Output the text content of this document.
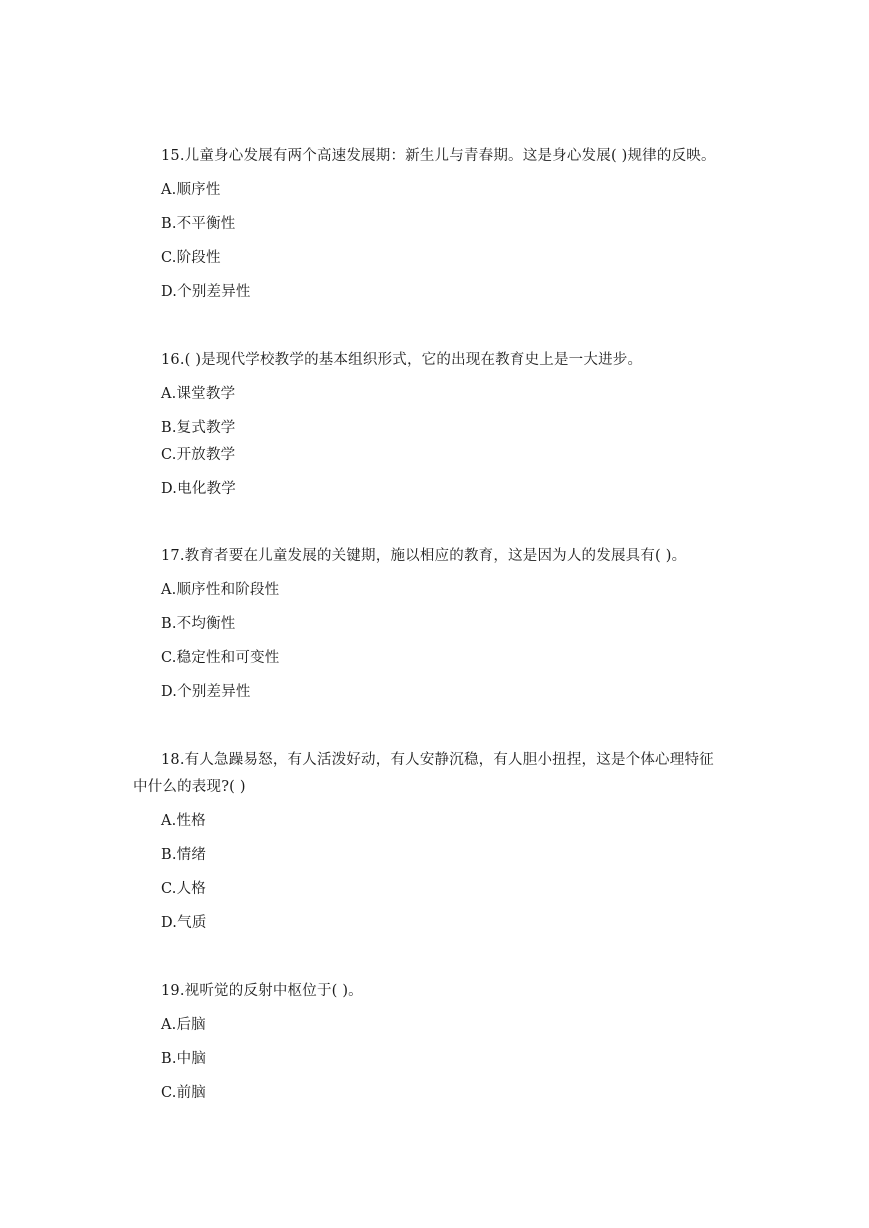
15.儿童身心发展有两个高速发展期：新生儿与青春期。这是身心发展( )规律的反映。
A.顺序性
B.不平衡性
C.阶段性
D.个别差异性
16.( )是现代学校教学的基本组织形式，它的出现在教育史上是一大进步。
A.课堂教学
B.复式教学
C.开放教学
D.电化教学
17.教育者要在儿童发展的关键期，施以相应的教育，这是因为人的发展具有( )。
A.顺序性和阶段性
B.不均衡性
C.稳定性和可变性
D.个别差异性
18.有人急躁易怒，有人活泼好动，有人安静沉稳，有人胆小扭捏，这是个体心理特征
中什么的表现?( )
A.性格
B.情绪
C.人格
D.气质
19.视听觉的反射中枢位于( )。
A.后脑
B.中脑
C.前脑
